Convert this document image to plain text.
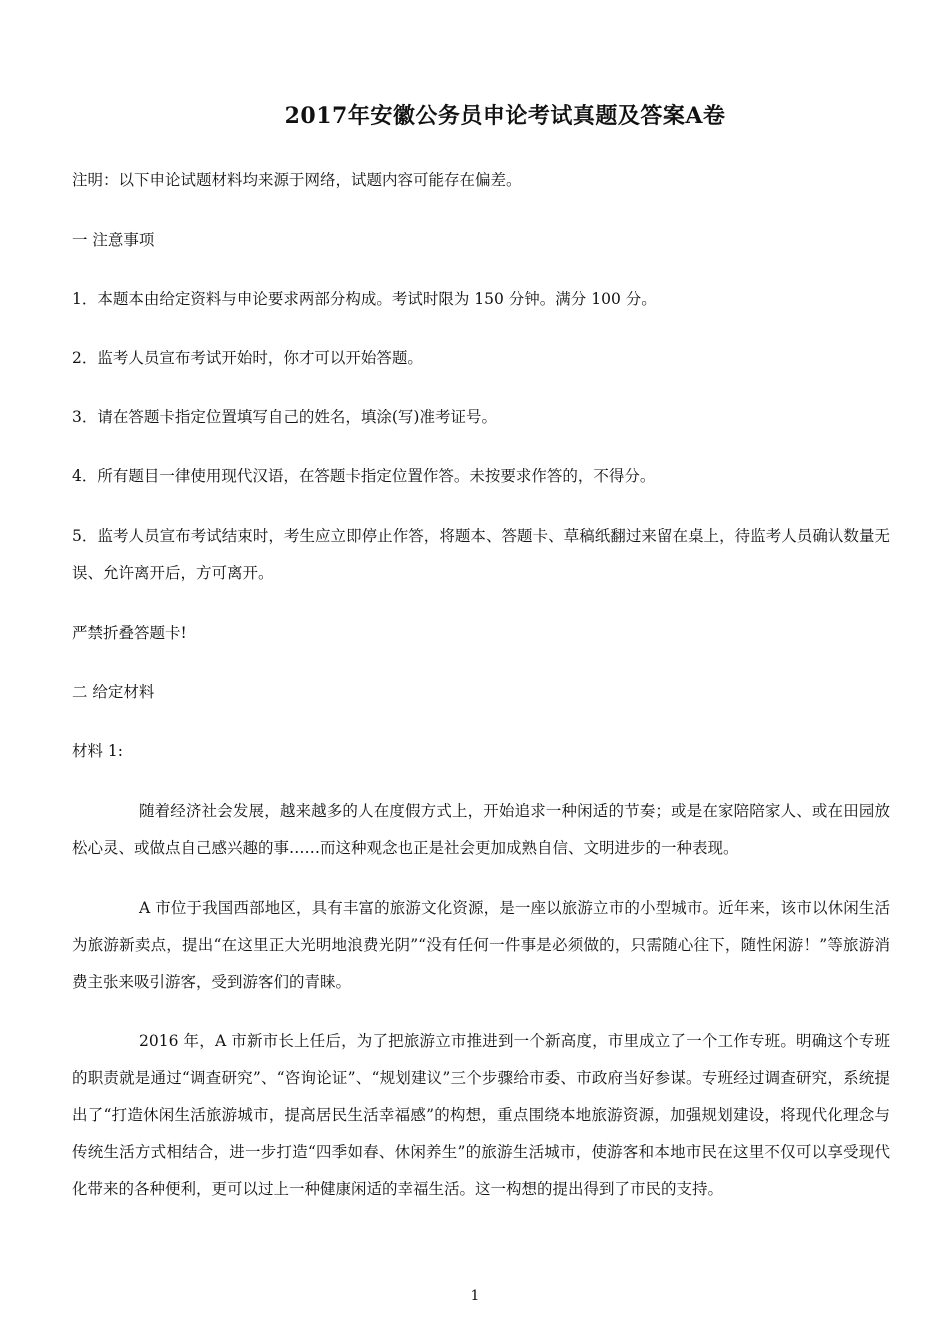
2017年安徽公务员申论考试真题及答案A卷

注明：以下申论试题材料均来源于网络，试题内容可能存在偏差。

一 注意事项

1．本题本由给定资料与申论要求两部分构成。考试时限为 150 分钟。满分 100 分。

2．监考人员宣布考试开始时，你才可以开始答题。

3．请在答题卡指定位置填写自己的姓名，填涂(写)准考证号。

4．所有题目一律使用现代汉语，在答题卡指定位置作答。未按要求作答的，不得分。

5．监考人员宣布考试结束时，考生应立即停止作答，将题本、答题卡、草稿纸翻过来留在桌上，待监考人员确认数量无误、允许离开后，方可离开。

严禁折叠答题卡!

二 给定材料

材料 1:

随着经济社会发展，越来越多的人在度假方式上，开始追求一种闲适的节奏；或是在家陪陪家人、或在田园放松心灵、或做点自己感兴趣的事……而这种观念也正是社会更加成熟自信、文明进步的一种表现。

A 市位于我国西部地区，具有丰富的旅游文化资源，是一座以旅游立市的小型城市。近年来，该市以休闲生活为旅游新卖点，提出“在这里正大光明地浪费光阴”“没有任何一件事是必须做的，只需随心往下，随性闲游！”等旅游消费主张来吸引游客，受到游客们的青睐。

2016 年，A 市新市长上任后，为了把旅游立市推进到一个新高度，市里成立了一个工作专班。明确这个专班的职责就是通过“调查研究”、“咨询论证”、“规划建议”三个步骤给市委、市政府当好参谋。专班经过调查研究，系统提出了“打造休闲生活旅游城市，提高居民生活幸福感”的构想，重点围绕本地旅游资源，加强规划建设，将现代化理念与传统生活方式相结合，进一步打造“四季如春、休闲养生”的旅游生活城市，使游客和本地市民在这里不仅可以享受现代化带来的各种便利，更可以过上一种健康闲适的幸福生活。这一构想的提出得到了市民的支持。

1
